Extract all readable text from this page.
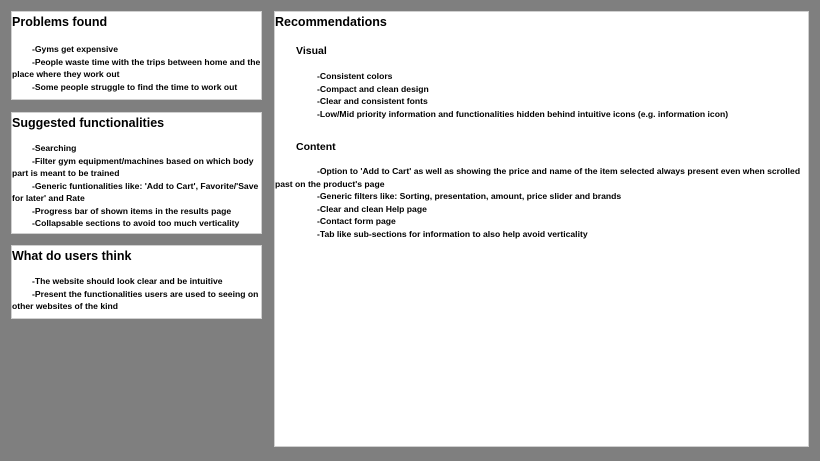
Problems found
-Gyms get expensive
-People waste time with the trips between home and the place where they work out
-Some people struggle to find the time to work out
Suggested functionalities
-Searching
-Filter gym equipment/machines based on which body part is meant to be trained
-Generic funtionalities like: 'Add to Cart', Favorite/'Save for later' and Rate
-Progress bar of shown items in the results page
-Collapsable sections to avoid too much verticality
What do users think
-The website should look clear and be intuitive
-Present the functionalities users are used to seeing on other websites of the kind
Recommendations
Visual
-Consistent colors
-Compact and clean design
-Clear and consistent fonts
-Low/Mid priority information and functionalities hidden behind intuitive icons (e.g. information icon)
Content
-Option to 'Add to Cart' as well as showing the price and name of the item selected always present even when scrolled past on the product's page
-Generic filters like: Sorting, presentation, amount, price slider and brands
-Clear and clean Help page
-Contact form page
-Tab like sub-sections for information to also help avoid verticality
